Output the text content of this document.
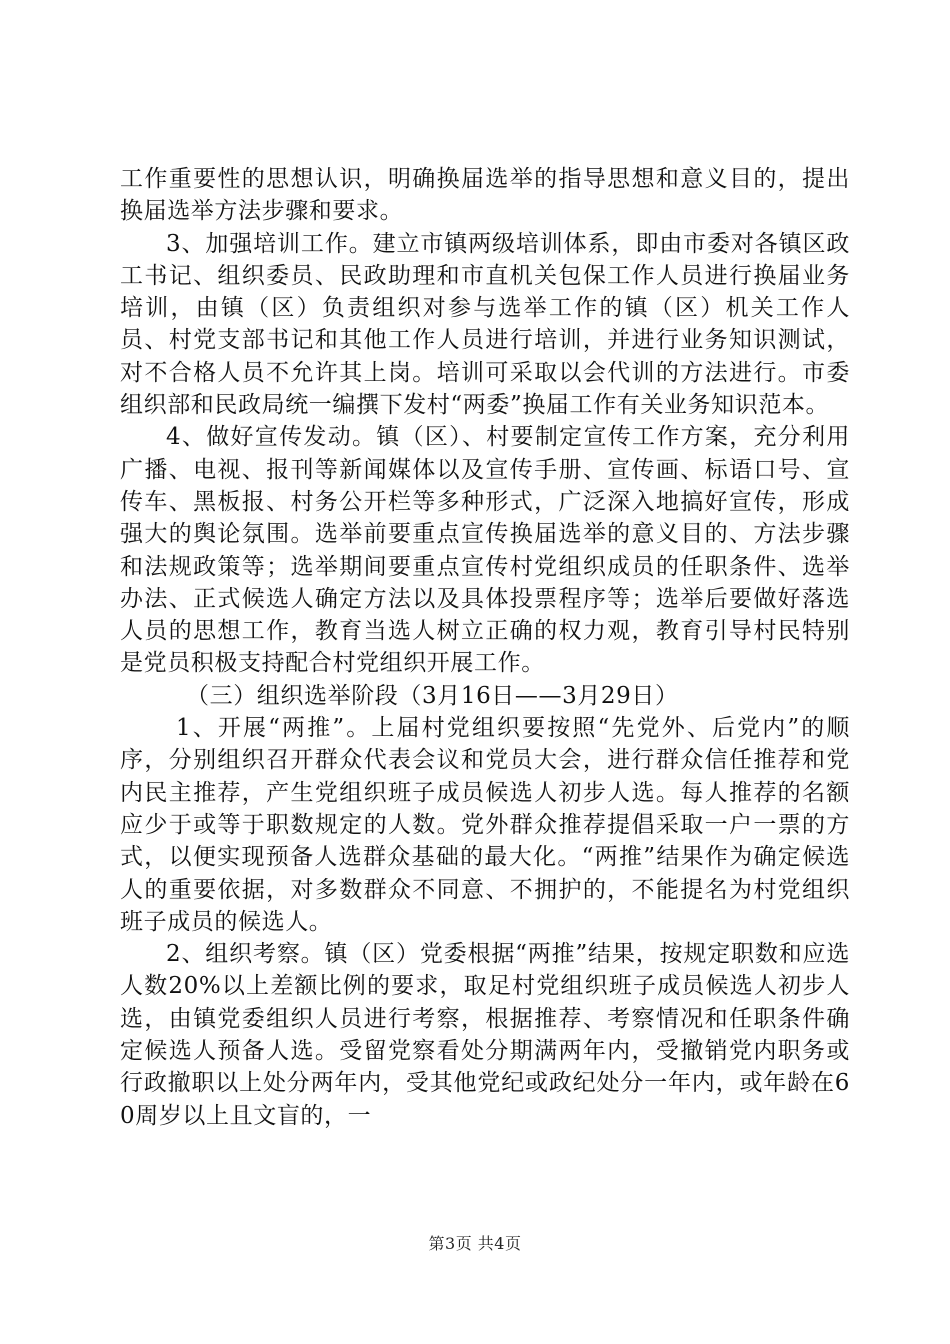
工作重要性的思想认识，明确换届选举的指导思想和意义目的，提出换届选举方法步骤和要求。

3、加强培训工作。建立市镇两级培训体系，即由市委对各镇区政工书记、组织委员、民政助理和市直机关包保工作人员进行换届业务培训，由镇（区）负责组织对参与选举工作的镇（区）机关工作人员、村党支部书记和其他工作人员进行培训，并进行业务知识测试，对不合格人员不允许其上岗。培训可采取以会代训的方法进行。市委组织部和民政局统一编撰下发村“两委”换届工作有关业务知识范本。

4、做好宣传发动。镇（区）、村要制定宣传工作方案，充分利用广播、电视、报刊等新闻媒体以及宣传手册、宣传画、标语口号、宣传车、黑板报、村务公开栏等多种形式，广泛深入地搞好宣传，形成强大的舆论氛围。选举前要重点宣传换届选举的意义目的、方法步骤和法规政策等；选举期间要重点宣传村党组织成员的任职条件、选举办法、正式候选人确定方法以及具体投票程序等；选举后要做好落选人员的思想工作，教育当选人树立正确的权力观，教育引导村民特别是党员积极支持配合村党组织开展工作。

（三）组织选举阶段（3月16日——3月29日）

1、开展“两推”。上届村党组织要按照“先党外、后党内”的顺序，分别组织召开群众代表会议和党员大会，进行群众信任推荐和党内民主推荐，产生党组织班子成员候选人初步人选。每人推荐的名额应少于或等于职数规定的人数。党外群众推荐提倡采取一户一票的方式，以便实现预备人选群众基础的最大化。“两推”结果作为确定候选人的重要依据，对多数群众不同意、不拥护的，不能提名为村党组织班子成员的候选人。

2、组织考察。镇（区）党委根据“两推”结果，按规定职数和应选人数20%以上差额比例的要求，取足村党组织班子成员候选人初步人选，由镇党委组织人员进行考察，根据推荐、考察情况和任职条件确定候选人预备人选。受留党察看处分期满两年内，受撤销党内职务或行政撤职以上处分两年内，受其他党纪或政纪处分一年内，或年龄在60周岁以上且文盲的，一

第3页 共4页
